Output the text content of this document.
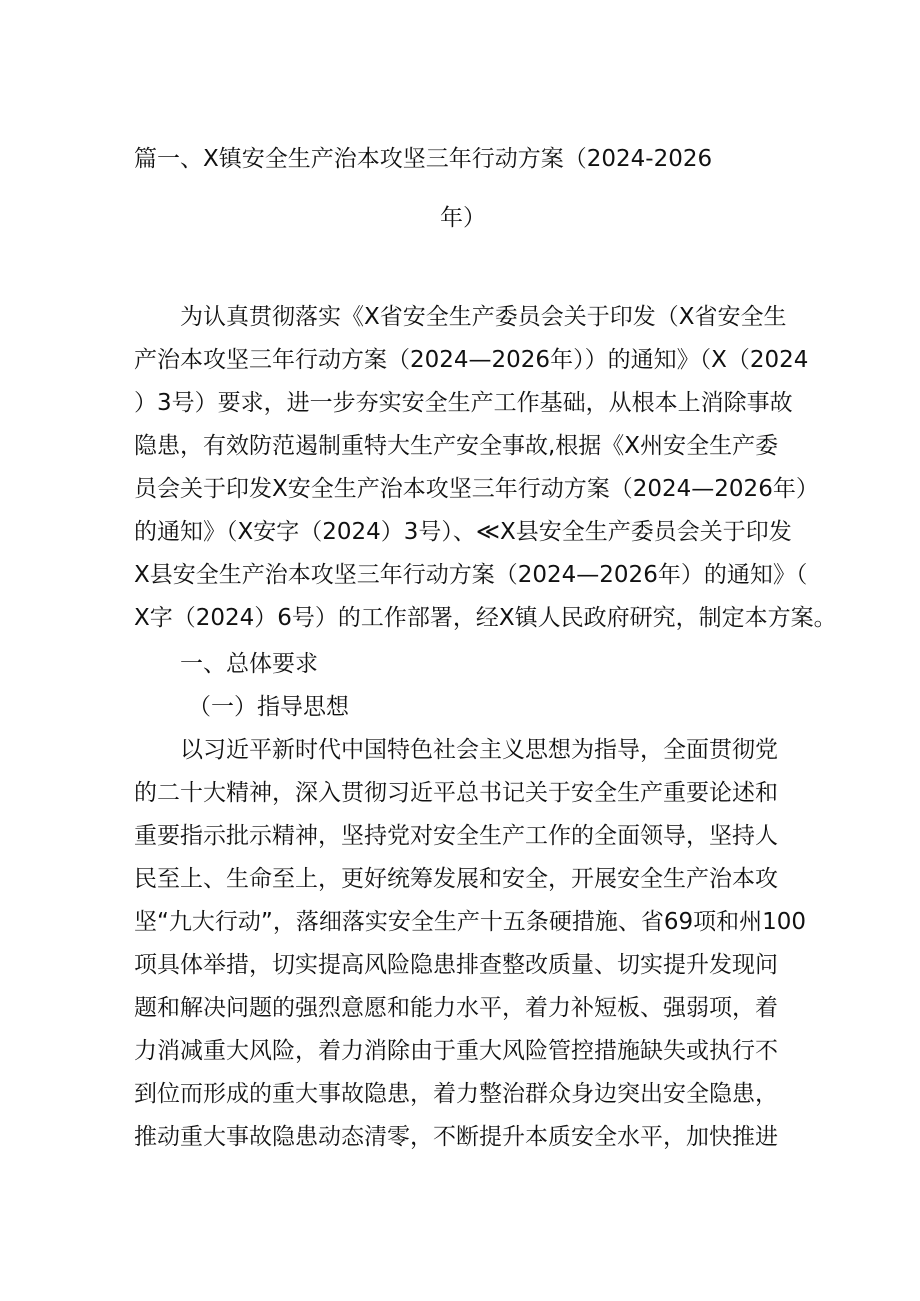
篇一、X镇安全生产治本攻坚三年行动方案（2024-2026
年）
为认真贯彻落实《X省安全生产委员会关于印发（X省安全生
产治本攻坚三年行动方案（2024—2026年））的通知》（X（2024
）3号）要求，进一步夯实安全生产工作基础，从根本上消除事故
隐患，有效防范遏制重特大生产安全事故,根据《X州安全生产委
员会关于印发X安全生产治本攻坚三年行动方案（2024—2026年）
的通知》（X安字（2024）3号）、≪X县安全生产委员会关于印发
X县安全生产治本攻坚三年行动方案（2024—2026年）的通知》（
X字（2024）6号）的工作部署，经X镇人民政府研究，制定本方案。
一、总体要求
（一）指导思想
以习近平新时代中国特色社会主义思想为指导，全面贯彻党
的二十大精神，深入贯彻习近平总书记关于安全生产重要论述和
重要指示批示精神，坚持党对安全生产工作的全面领导，坚持人
民至上、生命至上，更好统筹发展和安全，开展安全生产治本攻
坚“九大行动”，落细落实安全生产十五条硬措施、省69项和州100
项具体举措，切实提高风险隐患排查整改质量、切实提升发现问
题和解决问题的强烈意愿和能力水平，着力补短板、强弱项，着
力消减重大风险，着力消除由于重大风险管控措施缺失或执行不
到位而形成的重大事故隐患，着力整治群众身边突出安全隐患，
推动重大事故隐患动态清零，不断提升本质安全水平，加快推进
